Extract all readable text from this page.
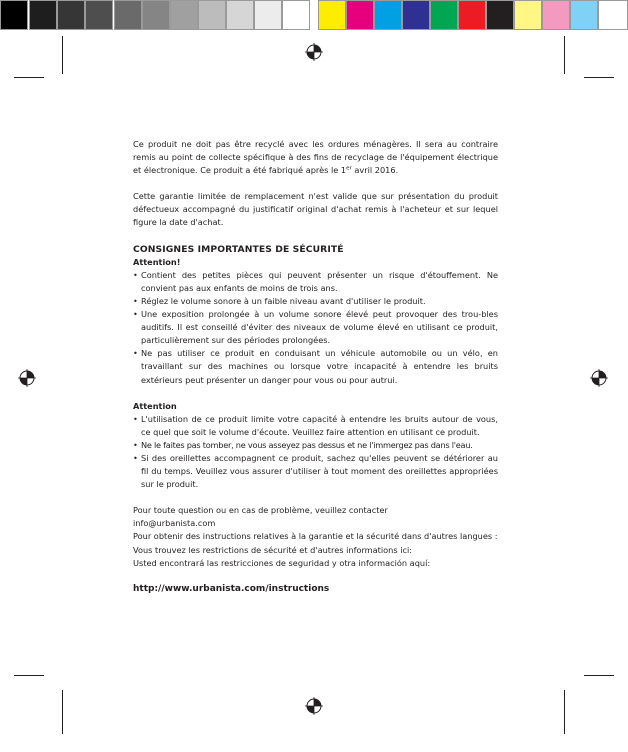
Ce produit ne doit pas être recyclé avec les ordures ménagères. Il sera au contraire remis au point de collecte spécifique à des fins de recyclage de l'équipement électrique et électronique. Ce produit a été fabriqué après le 1er avril 2016.

Cette garantie limitée de remplacement n'est valide que sur présentation du produit défectueux accompagné du justificatif original d'achat remis à l'acheteur et sur lequel figure la date d'achat.

CONSIGNES IMPORTANTES DE SÉCURITÉ

Attention!

• Contient des petites pièces qui peuvent présenter un risque d'étouffement. Ne convient pas aux enfants de moins de trois ans.
• Réglez le volume sonore à un faible niveau avant d'utiliser le produit.
• Une exposition prolongée à un volume sonore élevé peut provoquer des trou-bles auditifs. Il est conseillé d'éviter des niveaux de volume élevé en utilisant ce produit, particulièrement sur des périodes prolongées.
• Ne pas utiliser ce produit en conduisant un véhicule automobile ou un vélo, en travaillant sur des machines ou lorsque votre incapacité à entendre les bruits extérieurs peut présenter un danger pour vous ou pour autrui.

Attention

• L'utilisation de ce produit limite votre capacité à entendre les bruits autour de vous, ce quel que soit le volume d'écoute. Veuillez faire attention en utilisant ce produit.
• Ne le faites pas tomber, ne vous asseyez pas dessus et ne l'immergez pas dans l'eau.
• Si des oreillettes accompagnent ce produit, sachez qu'elles peuvent se détériorer au fil du temps. Veuillez vous assurer d'utiliser à tout moment des oreillettes appropriées sur le produit.

Pour toute question ou en cas de problème, veuillez contacter

info@urbanista.com

Pour obtenir des instructions relatives à la garantie et la sécurité dans d'autres langues :

Vous trouvez les restrictions de sécurité et d'autres informations ici:

Usted encontrará las restricciones de seguridad y otra información aquí:

http://www.urbanista.com/instructions
